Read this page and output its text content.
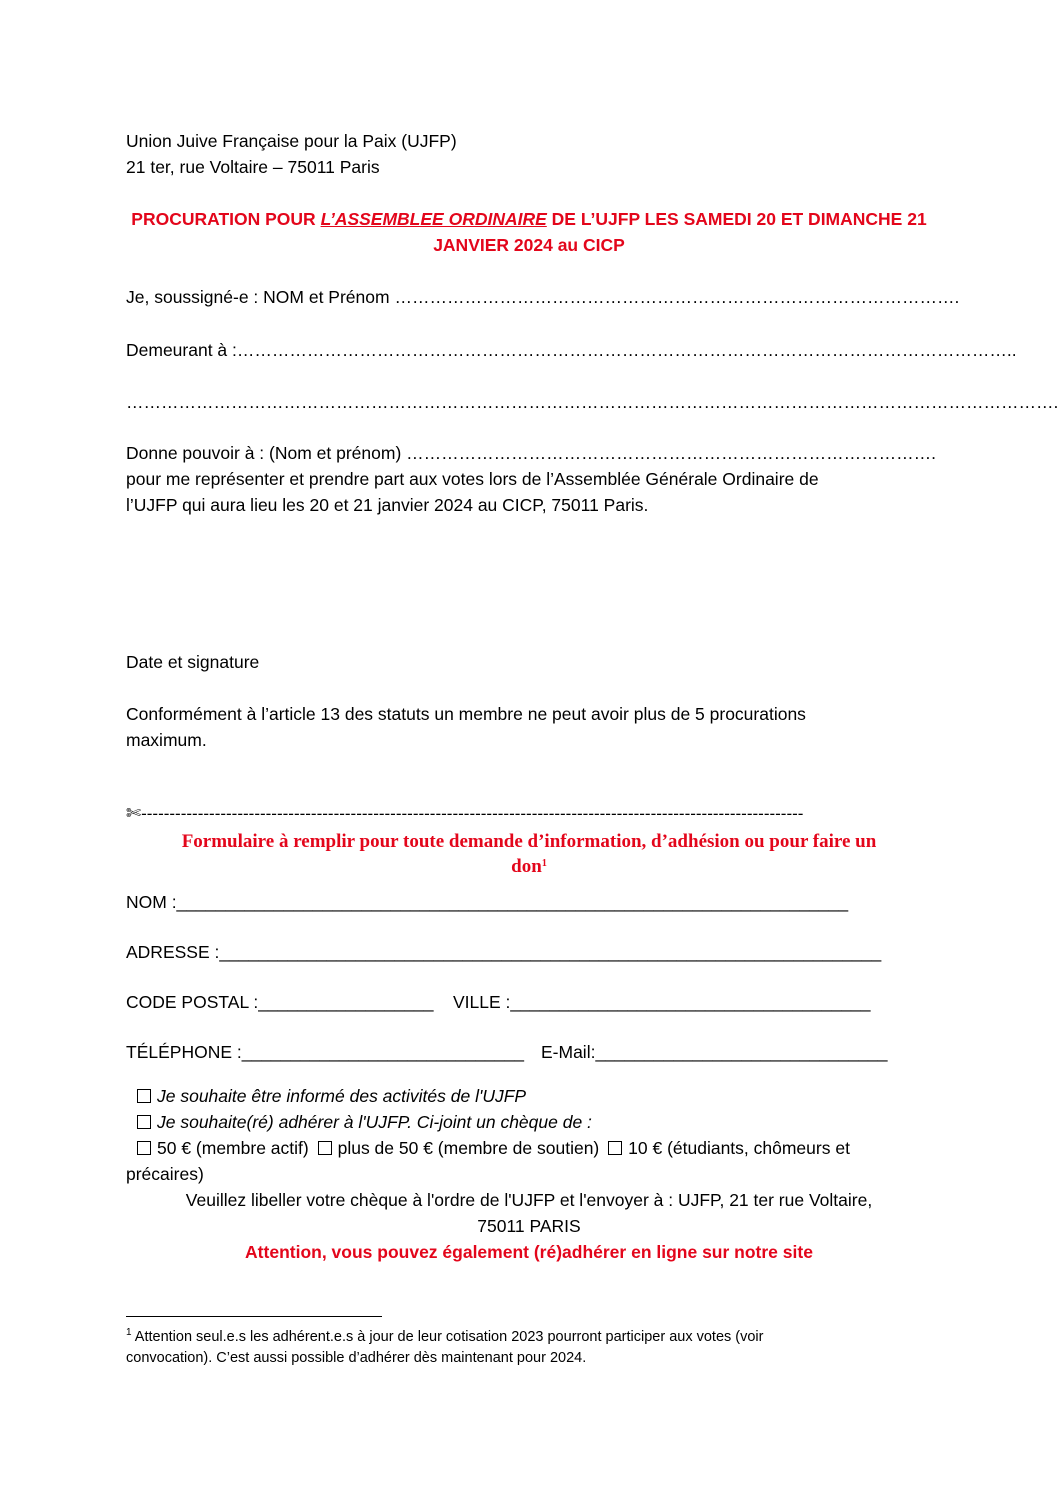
Union Juive Française pour la Paix (UJFP)
21 ter, rue Voltaire – 75011 Paris
PROCURATION POUR L’ASSEMBLEE ORDINAIRE DE L’UJFP LES SAMEDI 20 ET DIMANCHE 21
JANVIER 2024 au CICP
Je, soussigné-e : NOM et Prénom …………………………………………………………………………………….
Demeurant à :……………………………………………………………………………………………………………………..
…………………………………………………………………………………………………………………………………………….
Donne pouvoir à : (Nom et prénom) ……………………………………………………………………………….
pour me représenter et prendre part aux votes lors de l’Assemblée Générale Ordinaire de
l’UJFP qui aura lieu les 20 et 21 janvier 2024 au CICP, 75011 Paris.
Date et signature
Conformément à l’article 13 des statuts un membre ne peut avoir plus de 5 procurations
maximum.
✄---------------------------------------------------------------------------------------------------------------------
Formulaire à remplir pour toute demande d’information, d’adhésion ou pour faire un
don$^1$
NOM :_____________________________________________________________________
ADRESSE :____________________________________________________________________
CODE POSTAL :__________________ VILLE :_____________________________________
TÉLÉPHONE :_____________________________ E-Mail:______________________________
Je souhaite être informé des activités de l'UJFP
Je souhaite(ré) adhérer à l'UJFP. Ci-joint un chèque de :
50 € (membre actif) plus de 50 € (membre de soutien) 10 € (étudiants, chômeurs et
précaires)
Veuillez libeller votre chèque à l'ordre de l'UJFP et l'envoyer à : UJFP, 21 ter rue Voltaire,
75011 PARIS
Attention, vous pouvez également (ré)adhérer en ligne sur notre site
$^1$ Attention seul.e.s les adhérent.e.s à jour de leur cotisation 2023 pourront participer aux votes (voir
convocation). C’est aussi possible d’adhérer dès maintenant pour 2024.
